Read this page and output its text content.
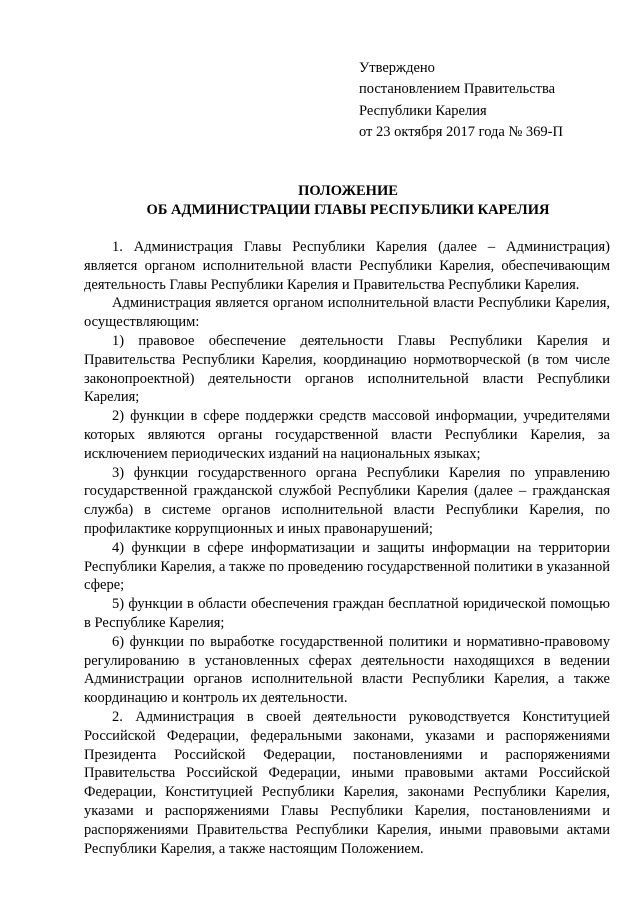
Утверждено
постановлением Правительства
Республики Карелия
от 23 октября 2017 года № 369-П
ПОЛОЖЕНИЕ
ОБ АДМИНИСТРАЦИИ ГЛАВЫ РЕСПУБЛИКИ КАРЕЛИЯ

1. Администрация Главы Республики Карелия (далее – Администрация) является органом исполнительной власти Республики Карелия, обеспечивающим деятельность Главы Республики Карелия и Правительства Республики Карелия.

Администрация является органом исполнительной власти Республики Карелия, осуществляющим:

1) правовое обеспечение деятельности Главы Республики Карелия и Правительства Республики Карелия, координацию нормотворческой (в том числе законопроектной) деятельности органов исполнительной власти Республики Карелия;

2) функции в сфере поддержки средств массовой информации, учредителями которых являются органы государственной власти Республики Карелия, за исключением периодических изданий на национальных языках;

3) функции государственного органа Республики Карелия по управлению государственной гражданской службой Республики Карелия (далее – гражданская служба) в системе органов исполнительной власти Республики Карелия, по профилактике коррупционных и иных правонарушений;

4) функции в сфере информатизации и защиты информации на территории Республики Карелия, а также по проведению государственной политики в указанной сфере;

5) функции в области обеспечения граждан бесплатной юридической помощью в Республике Карелия;

6) функции по выработке государственной политики и нормативно-правовому регулированию в установленных сферах деятельности находящихся в ведении Администрации органов исполнительной власти Республики Карелия, а также координацию и контроль их деятельности.

2. Администрация в своей деятельности руководствуется Конституцией Российской Федерации, федеральными законами, указами и распоряжениями Президента Российской Федерации, постановлениями и распоряжениями Правительства Российской Федерации, иными правовыми актами Российской Федерации, Конституцией Республики Карелия, законами Республики Карелия, указами и распоряжениями Главы Республики Карелия, постановлениями и распоряжениями Правительства Республики Карелия, иными правовыми актами Республики Карелия, а также настоящим Положением.
